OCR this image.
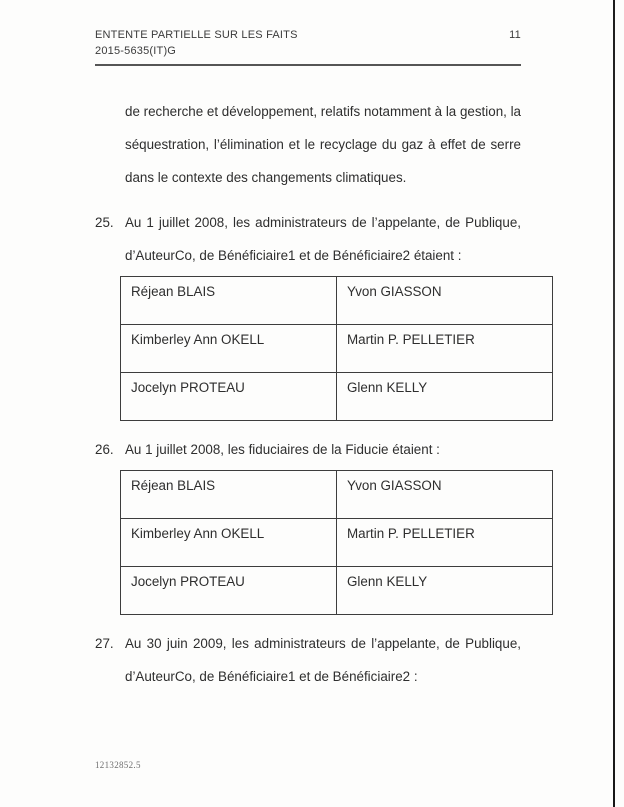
ENTENTE PARTIELLE SUR LES FAITS	11
2015-5635(IT)G
de recherche et développement, relatifs notamment à la gestion, la séquestration, l’élimination et le recyclage du gaz à effet de serre dans le contexte des changements climatiques.
25. Au 1 juillet 2008, les administrateurs de l’appelante, de Publique, d’AuteurCo, de Bénéficiaire1 et de Bénéficiaire2 étaient :
Réjean BLAIS	Yvon GIASSON
Kimberley Ann OKELL	Martin P. PELLETIER
Jocelyn PROTEAU	Glenn KELLY
26. Au 1 juillet 2008, les fiduciaires de la Fiducie étaient :
Réjean BLAIS	Yvon GIASSON
Kimberley Ann OKELL	Martin P. PELLETIER
Jocelyn PROTEAU	Glenn KELLY
27. Au 30 juin 2009, les administrateurs de l’appelante, de Publique, d’AuteurCo, de Bénéficiaire1 et de Bénéficiaire2 :
12132852.5
